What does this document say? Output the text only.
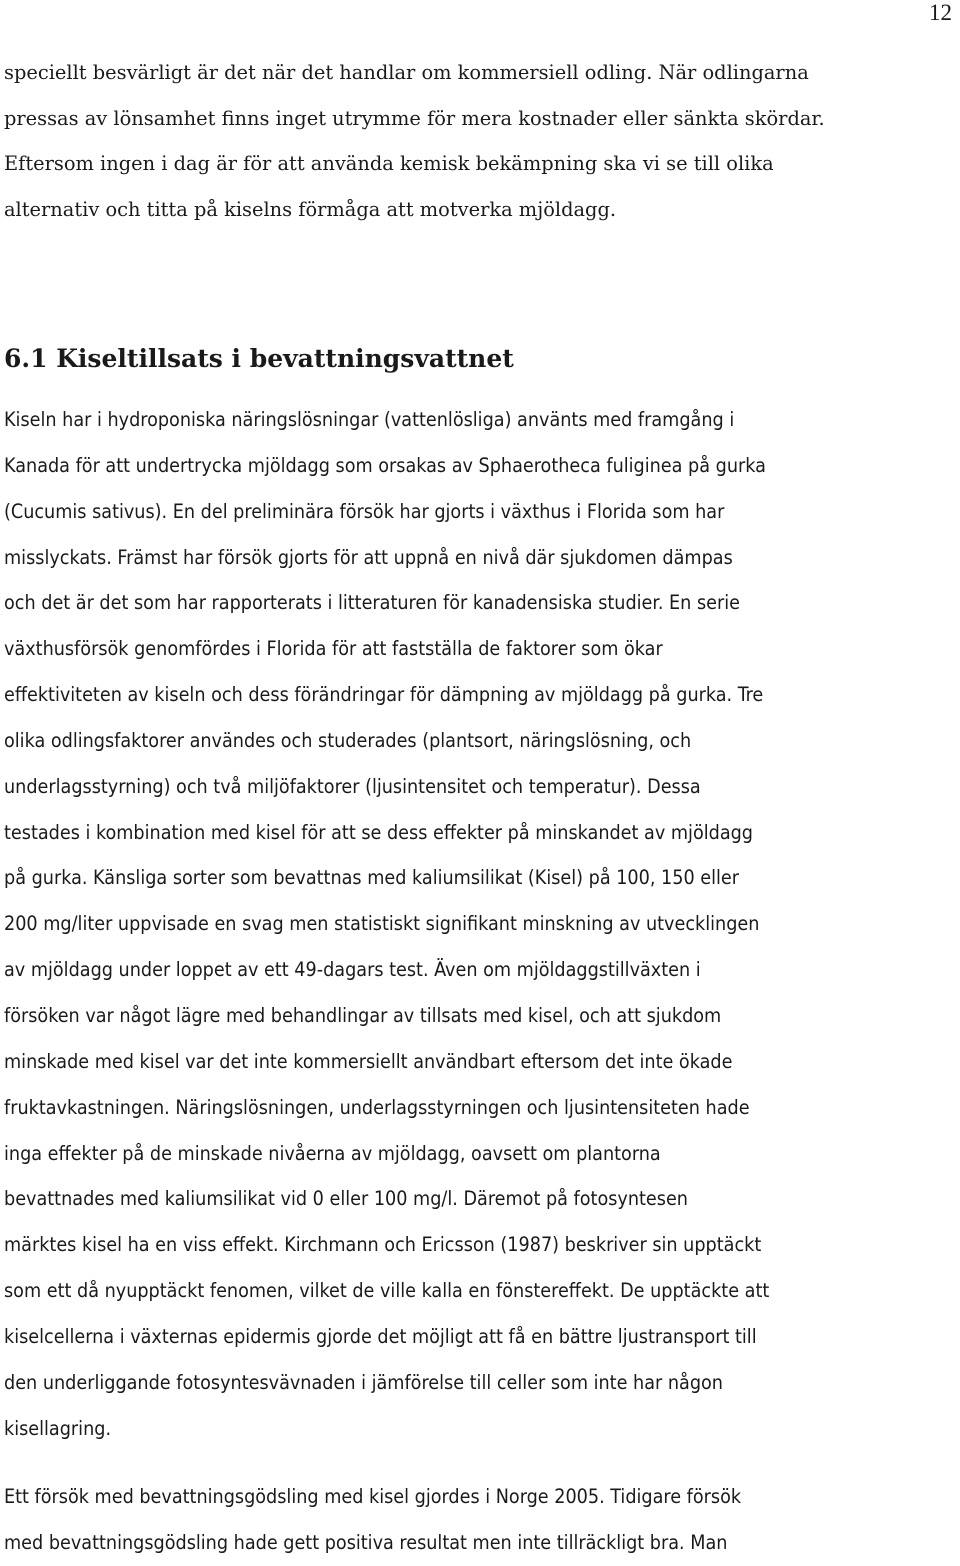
12

speciellt besvärligt är det när det handlar om kommersiell odling. När odlingarna
pressas av lönsamhet finns inget utrymme för mera kostnader eller sänkta skördar.
Eftersom ingen i dag är för att använda kemisk bekämpning ska vi se till olika
alternativ och titta på kiselns förmåga att motverka mjöldagg.

6.1 Kiseltillsats i bevattningsvattnet

Kiseln har i hydroponiska näringslösningar (vattenlösliga) använts med framgång i
Kanada för att undertrycka mjöldagg som orsakas av Sphaerotheca fuliginea på gurka
(Cucumis sativus). En del preliminära försök har gjorts i växthus i Florida som har
misslyckats. Främst har försök gjorts för att uppnå en nivå där sjukdomen dämpas
och det är det som har rapporterats i litteraturen för kanadensiska studier. En serie
växthusförsök genomfördes i Florida för att fastställa de faktorer som ökar
effektiviteten av kiseln och dess förändringar för dämpning av mjöldagg på gurka. Tre
olika odlingsfaktorer användes och studerades (plantsort, näringslösning, och
underlagsstyrning) och två miljöfaktorer (ljusintensitet och temperatur). Dessa
testades i kombination med kisel för att se dess effekter på minskandet av mjöldagg
på gurka. Känsliga sorter som bevattnas med kaliumsilikat (Kisel) på 100, 150 eller
200 mg/liter uppvisade en svag men statistiskt signifikant minskning av utvecklingen
av mjöldagg under loppet av ett 49-dagars test. Även om mjöldaggstillväxten i
försöken var något lägre med behandlingar av tillsats med kisel, och att sjukdom
minskade med kisel var det inte kommersiellt användbart eftersom det inte ökade
fruktavkastningen. Näringslösningen, underlagsstyrningen och ljusintensiteten hade
inga effekter på de minskade nivåerna av mjöldagg, oavsett om plantorna
bevattnades med kaliumsilikat vid 0 eller 100 mg/l. Däremot på fotosyntesen
märktes kisel ha en viss effekt. Kirchmann och Ericsson (1987) beskriver sin upptäckt
som ett då nyupptäckt fenomen, vilket de ville kalla en fönstereffekt. De upptäckte att
kiselcellerna i växternas epidermis gjorde det möjligt att få en bättre ljustransport till
den underliggande fotosyntesvävnaden i jämförelse till celler som inte har någon
kisellagring.

Ett försök med bevattningsgödsling med kisel gjordes i Norge 2005. Tidigare försök
med bevattningsgödsling hade gett positiva resultat men inte tillräckligt bra. Man
